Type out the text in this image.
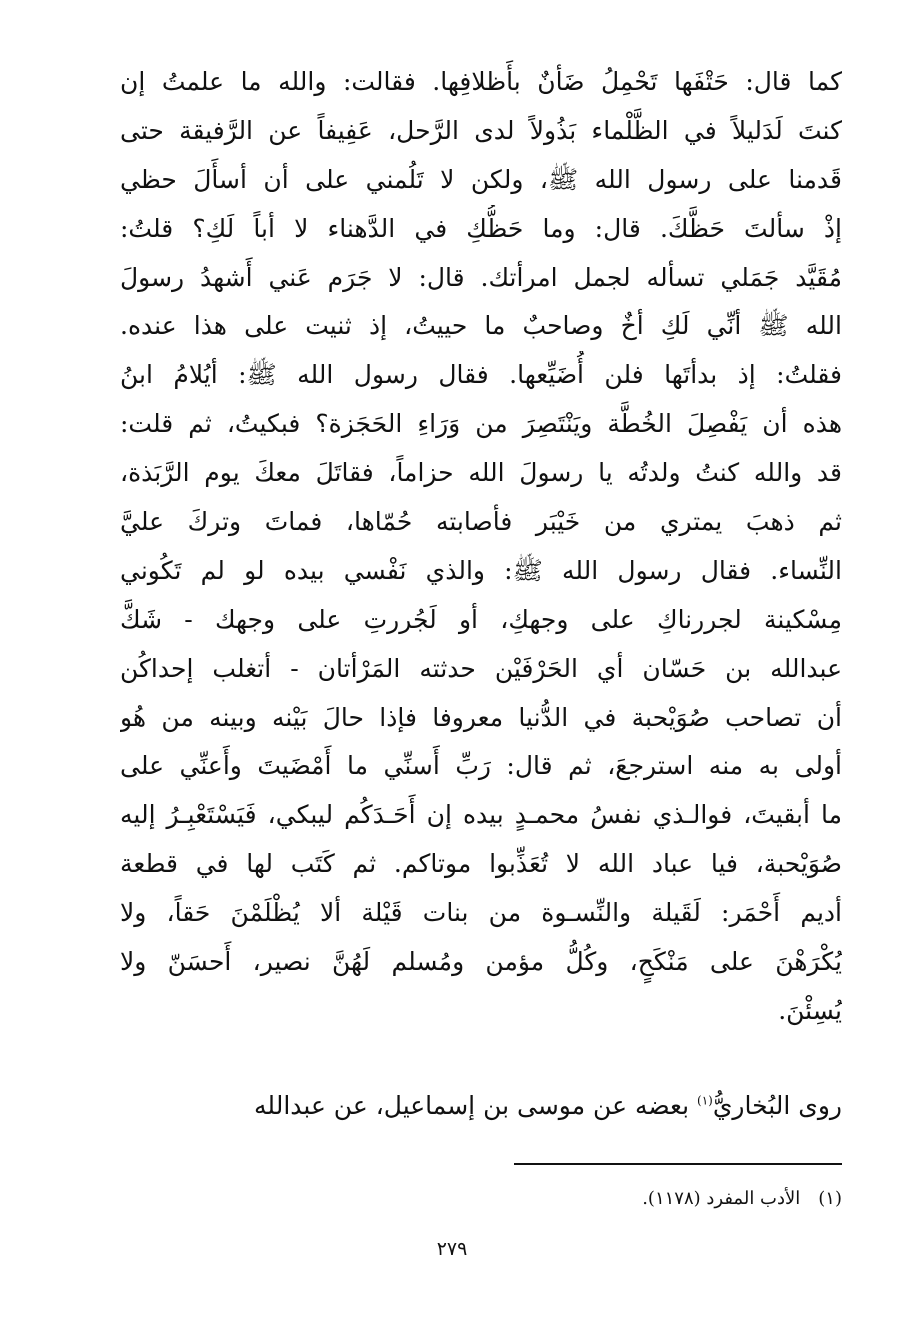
كما قال: حَتْفَها تَحْمِلُ ضَأنٌ بأَظلافِها. فقالت: والله ما علمتُ إن
كنتَ لَدَليلاً في الظَّلْماء بَذُولاً لدى الرَّحل، عَفِيفاً عن الرَّفيقة حتى
قَدمنا على رسول الله ﷺ، ولكن لا تَلُمني على أن أسأَلَ حظي
إذْ سألتَ حَظَّكَ. قال: وما حَظُّكِ في الدَّهناء لا أباً لَكِ؟ قلتُ:
مُقَيَّد جَمَلي تسأله لجمل امرأتك. قال: لا جَرَم عَني أَشهدُ رسولَ
الله ﷺ أنِّي لَكِ أخٌ وصاحبٌ ما حييتُ، إذ ثنيت على هذا عنده.
فقلتُ: إذ بدأتَها فلن أُضَيِّعها. فقال رسول الله ﷺ: أيُلامُ ابنُ
هذه أن يَفْصِلَ الخُطَّة ويَنْتَصِرَ من وَرَاءِ الحَجَزة؟ فبكيتُ، ثم قلت:
قد والله كنتُ ولدتُه يا رسولَ الله حزاماً، فقاتَلَ معكَ يوم الرَّبَذة،
ثم ذهبَ يمتري من خَيْبَر فأصابته حُمّاها، فماتَ وتركَ عليَّ
النِّساء. فقال رسول الله ﷺ: والذي نَفْسي بيده لو لم تَكُوني
مِسْكينة لجررناكِ على وجهكِ، أو لَجُررتِ على وجهك - شَكَّ
عبدالله بن حَسّان أي الحَرْفَيْن حدثته المَرْأتان - أتغلب إحداكُن
أن تصاحب صُوَيْحبة في الدُّنيا معروفا فإذا حالَ بَيْنه وبينه من هُو
أولى به منه استرجعَ، ثم قال: رَبِّ أَسنِّي ما أَمْضَيتَ وأَعنِّي على
ما أبقيتَ، فوالـذي نفسُ محمـدٍ بيده إن أَحَـدَكُم ليبكي، فَيَسْتَعْبِـرُ إليه
صُوَيْحبة، فيا عباد الله لا تُعَذِّبوا موتاكم. ثم كَتَب لها في قطعة
أديم أَحْمَر: لَقَيلة والنِّسـوة من بنات قَيْلة ألا يُظْلَمْنَ حَقاً، ولا
يُكْرَهْنَ على مَنْكَحٍ، وكُلُّ مؤمن ومُسلم لَهُنَّ نصير، أَحسَنّ ولا
يُسِئْنَ.
روى البُخاريُّ$^{(١)}$ بعضه عن موسى بن إسماعيل، عن عبدالله
(١)الأدب المفرد (١١٧٨).
٢٧٩
